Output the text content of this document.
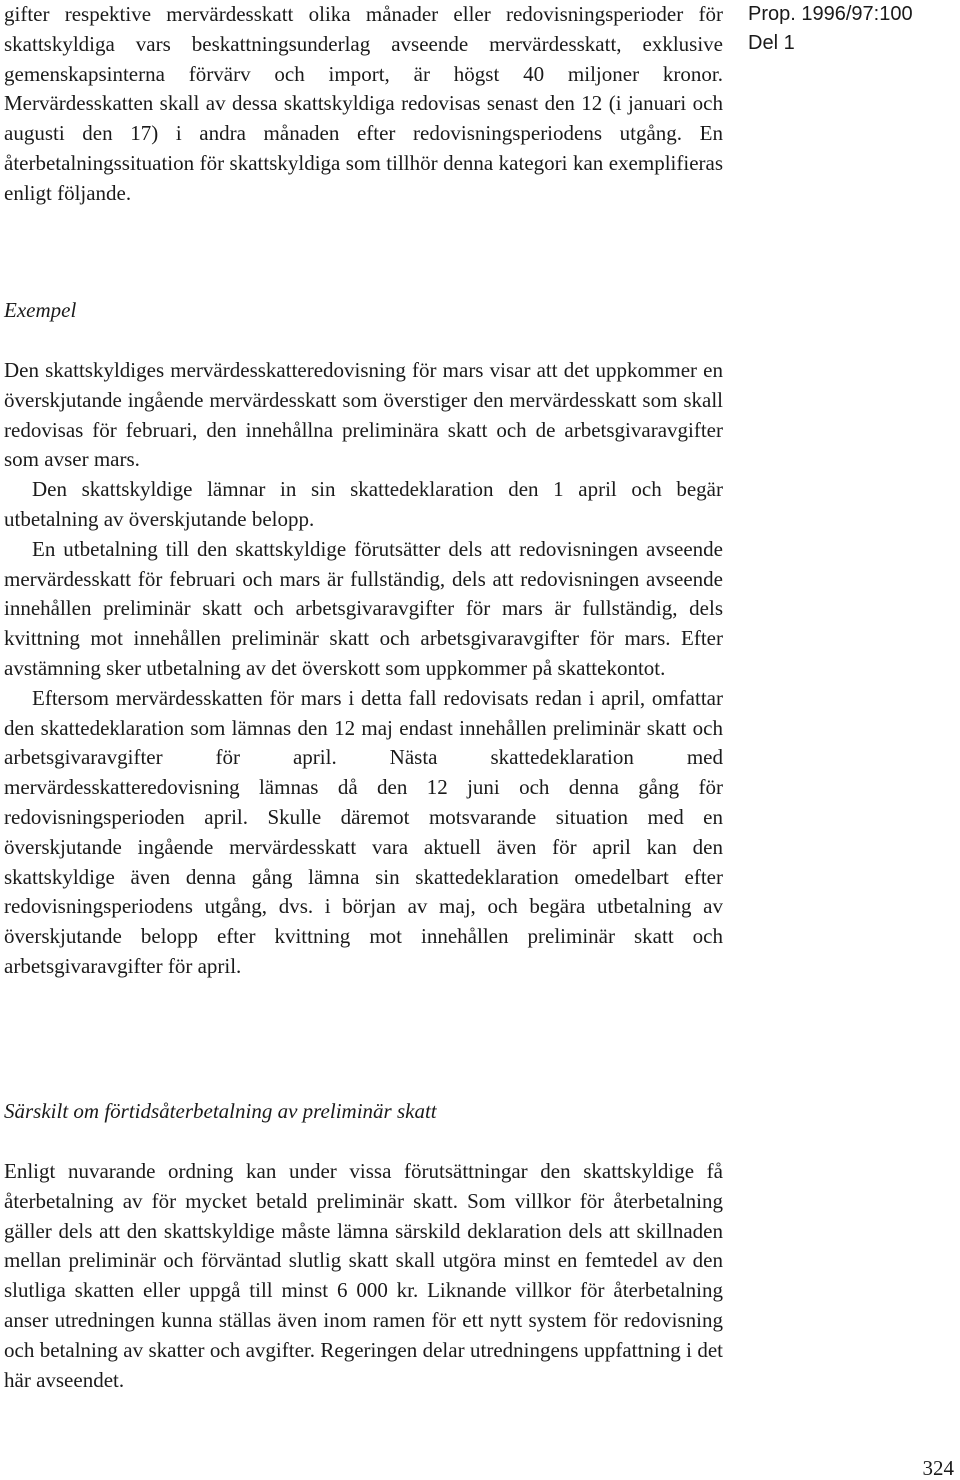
gifter respektive mervärdesskatt olika månader eller redovisningsperioder för skattskyldiga vars beskattningsunderlag avseende mervärdesskatt, exklusive gemenskapsinterna förvärv och import, är högst 40 miljoner kronor. Mervärdesskatten skall av dessa skattskyldiga redovisas senast den 12 (i januari och augusti den 17) i andra månaden efter redovisningsperiodens utgång. En återbetalningssituation för skattskyldiga som tillhör denna kategori kan exemplifieras enligt följande.

Exempel

Den skattskyldiges mervärdesskatteredovisning för mars visar att det uppkommer en överskjutande ingående mervärdesskatt som överstiger den mervärdesskatt som skall redovisas för februari, den innehållna preliminära skatt och de arbetsgivaravgifter som avser mars.

Den skattskyldige lämnar in sin skattedeklaration den 1 april och begär utbetalning av överskjutande belopp.

En utbetalning till den skattskyldige förutsätter dels att redovisningen avseende mervärdesskatt för februari och mars är fullständig, dels att redovisningen avseende innehållen preliminär skatt och arbetsgivaravgifter för mars är fullständig, dels kvittning mot innehållen preliminär skatt och arbetsgivaravgifter för mars. Efter avstämning sker utbetalning av det överskott som uppkommer på skattekontot.

Eftersom mervärdesskatten för mars i detta fall redovisats redan i april, omfattar den skattedeklaration som lämnas den 12 maj endast innehållen preliminär skatt och arbetsgivaravgifter för april. Nästa skattedeklaration med mervärdesskatteredovisning lämnas då den 12 juni och denna gång för redovisningsperioden april. Skulle däremot motsvarande situation med en överskjutande ingående mervärdesskatt vara aktuell även för april kan den skattskyldige även denna gång lämna sin skattedeklaration omedelbart efter redovisningsperiodens utgång, dvs. i början av maj, och begära utbetalning av överskjutande belopp efter kvittning mot innehållen preliminär skatt och arbetsgivaravgifter för april.

Särskilt om förtidsåterbetalning av preliminär skatt

Enligt nuvarande ordning kan under vissa förutsättningar den skattskyldige få återbetalning av för mycket betald preliminär skatt. Som villkor för återbetalning gäller dels att den skattskyldige måste lämna särskild deklaration dels att skillnaden mellan preliminär och förväntad slutlig skatt skall utgöra minst en femtedel av den slutliga skatten eller uppgå till minst 6 000 kr. Liknande villkor för återbetalning anser utredningen kunna ställas även inom ramen för ett nytt system för redovisning och betalning av skatter och avgifter. Regeringen delar utredningens uppfattning i det här avseendet.

Prop. 1996/97:100
Del 1
324
